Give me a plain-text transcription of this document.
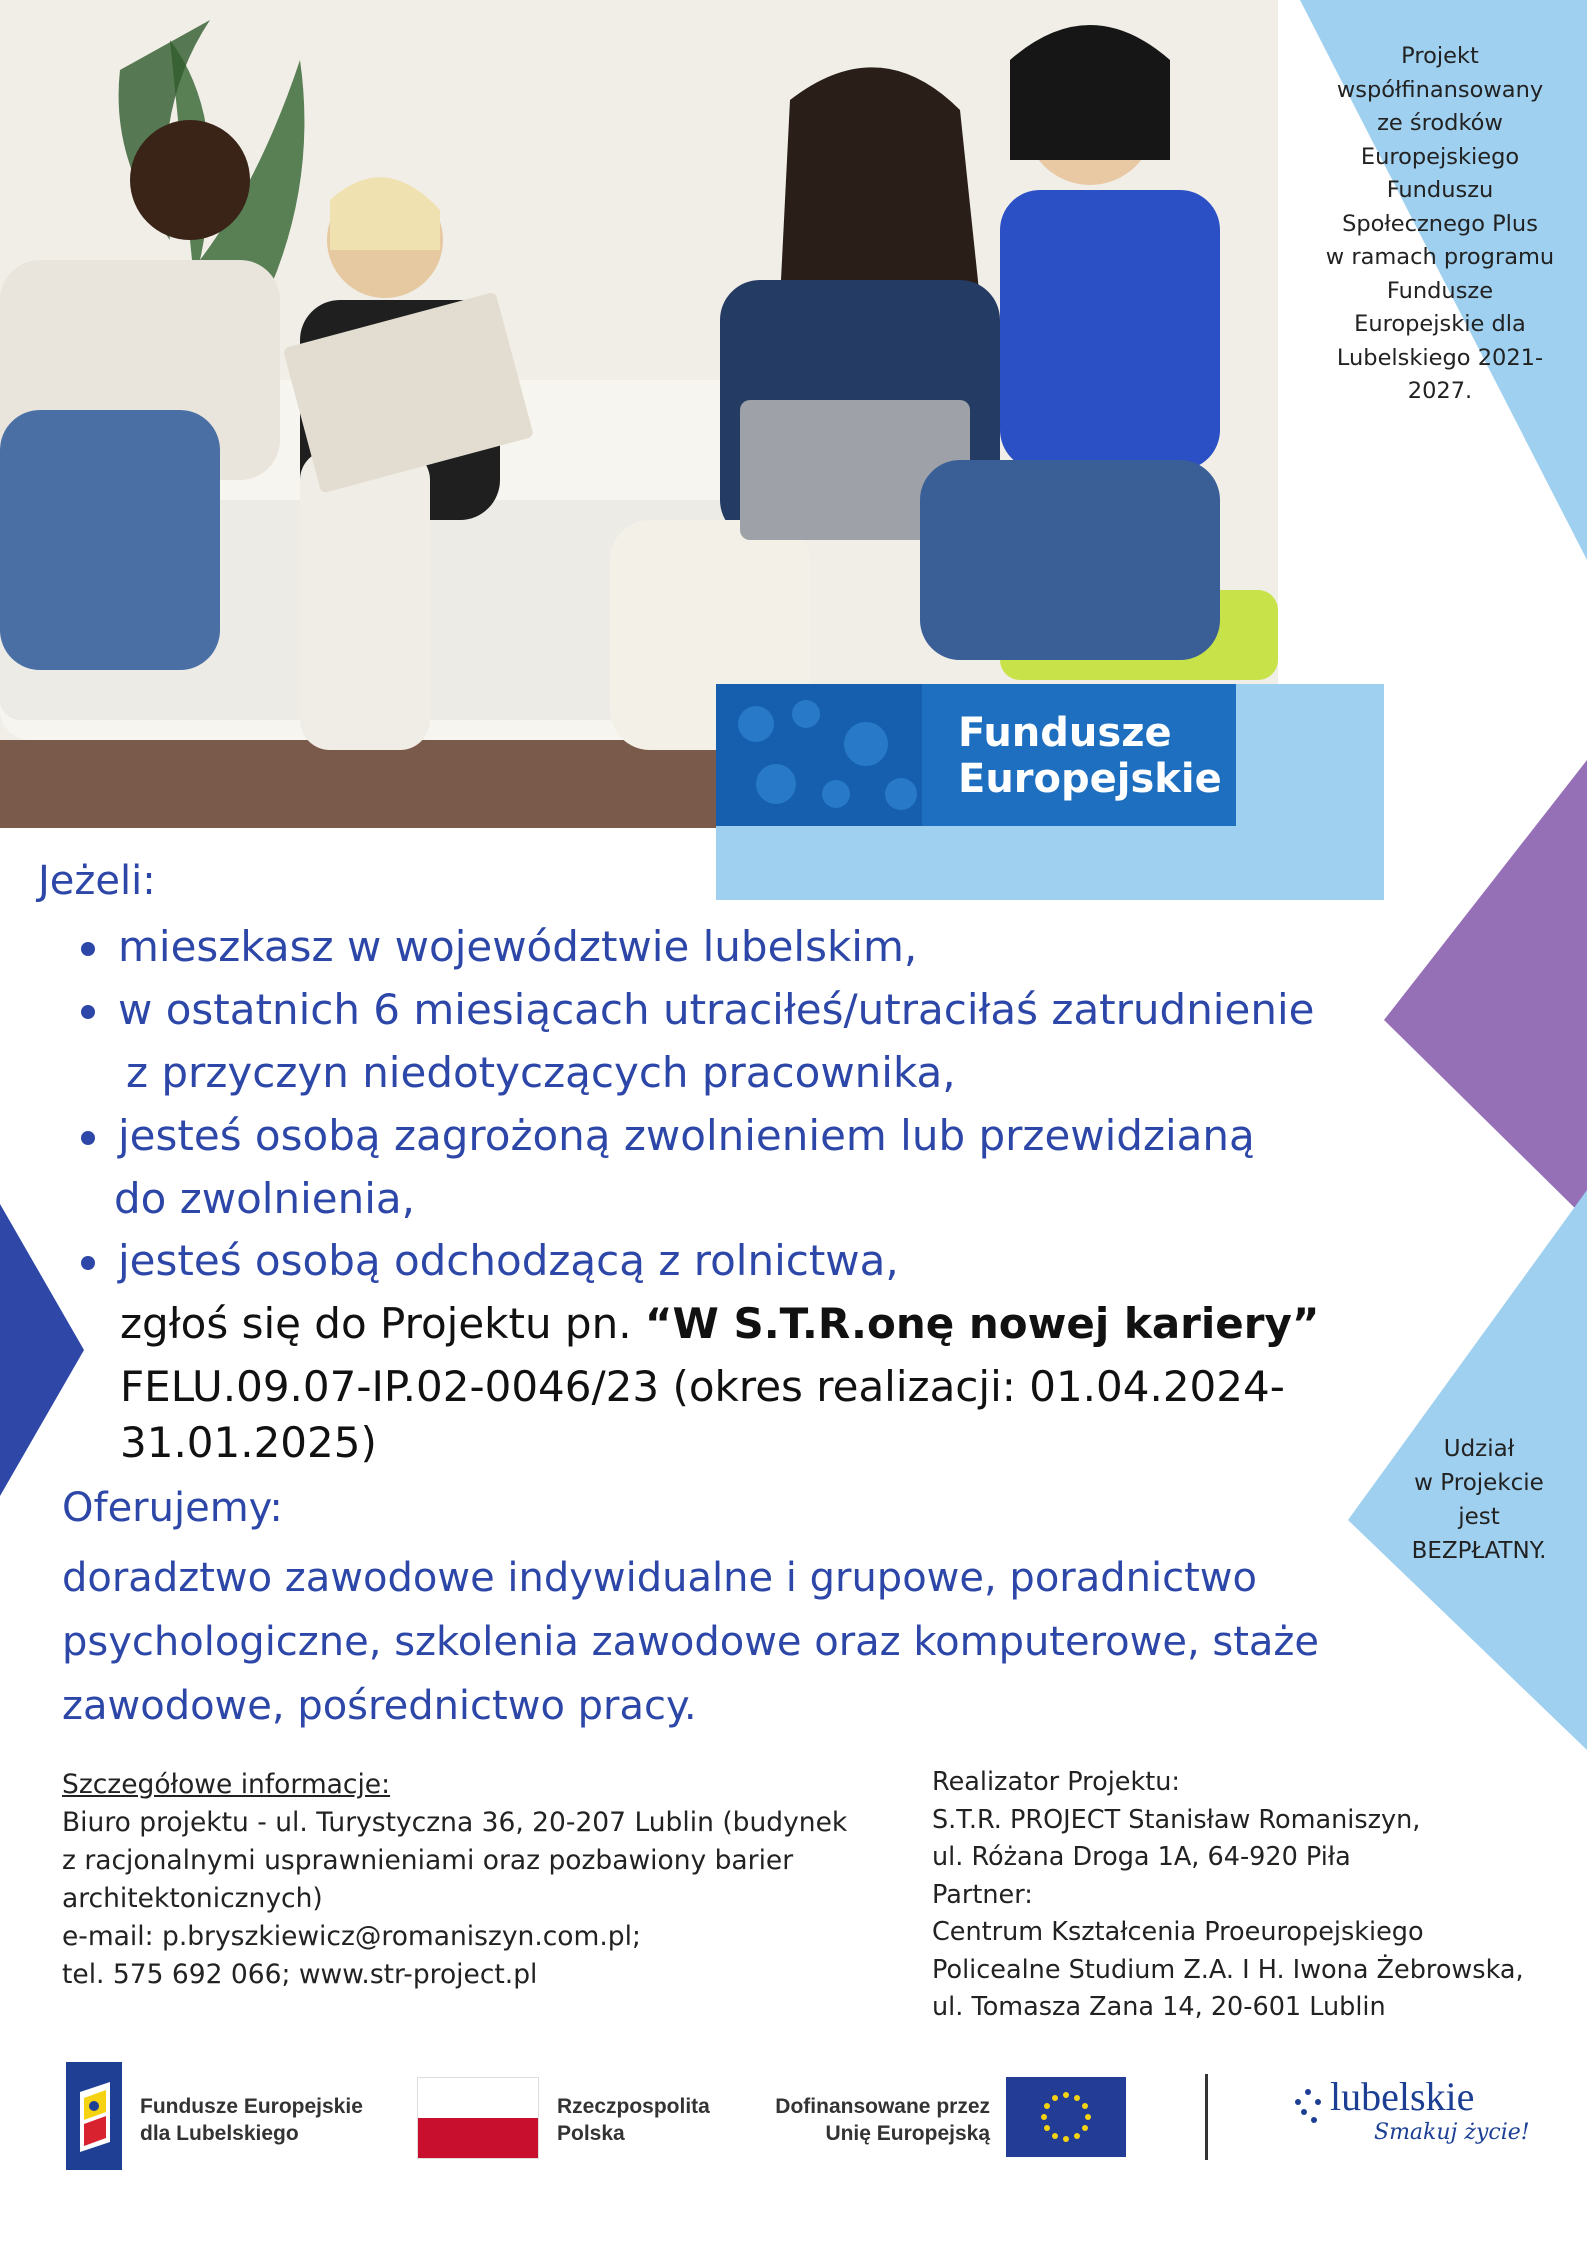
Fundusze
Europejskie
Projekt
współfinansowany
ze środków
Europejskiego
Funduszu
Społecznego Plus
w ramach programu
Fundusze
Europejskie dla
Lubelskiego 2021-
2027.
Udział
w Projekcie
jest
BEZPŁATNY.
Jeżeli:
mieszkasz w województwie lubelskim,
w ostatnich 6 miesiącach utraciłeś/utraciłaś zatrudnienie
z przyczyn niedotyczących pracownika,
jesteś osobą zagrożoną zwolnieniem lub przewidzianą
do zwolnienia,
jesteś osobą odchodzącą z rolnictwa,
zgłoś się do Projektu pn. “W S.T.R.onę nowej kariery”
FELU.09.07-IP.02-0046/23 (okres realizacji: 01.04.2024-
31.01.2025)
Oferujemy:
doradztwo zawodowe indywidualne i grupowe, poradnictwo psychologiczne, szkolenia zawodowe oraz komputerowe, staże zawodowe, pośrednictwo pracy.
Szczegółowe informacje:
Biuro projektu - ul. Turystyczna 36, 20-207 Lublin (budynek
z racjonalnymi usprawnieniami oraz pozbawiony barier
architektonicznych)
e-mail: p.bryszkiewicz@romaniszyn.com.pl;
tel. 575 692 066; www.str-project.pl
Realizator Projektu:
S.T.R. PROJECT Stanisław Romaniszyn,
ul. Różana Droga 1A, 64-920 Piła
Partner:
Centrum Kształcenia Proeuropejskiego
Policealne Studium Z.A. I H. Iwona Żebrowska,
ul. Tomasza Zana 14, 20-601 Lublin
Fundusze Europejskie
dla Lubelskiego
Rzeczpospolita
Polska
Dofinansowane przez
Unię Europejską
lubelskie
Smakuj życie!
